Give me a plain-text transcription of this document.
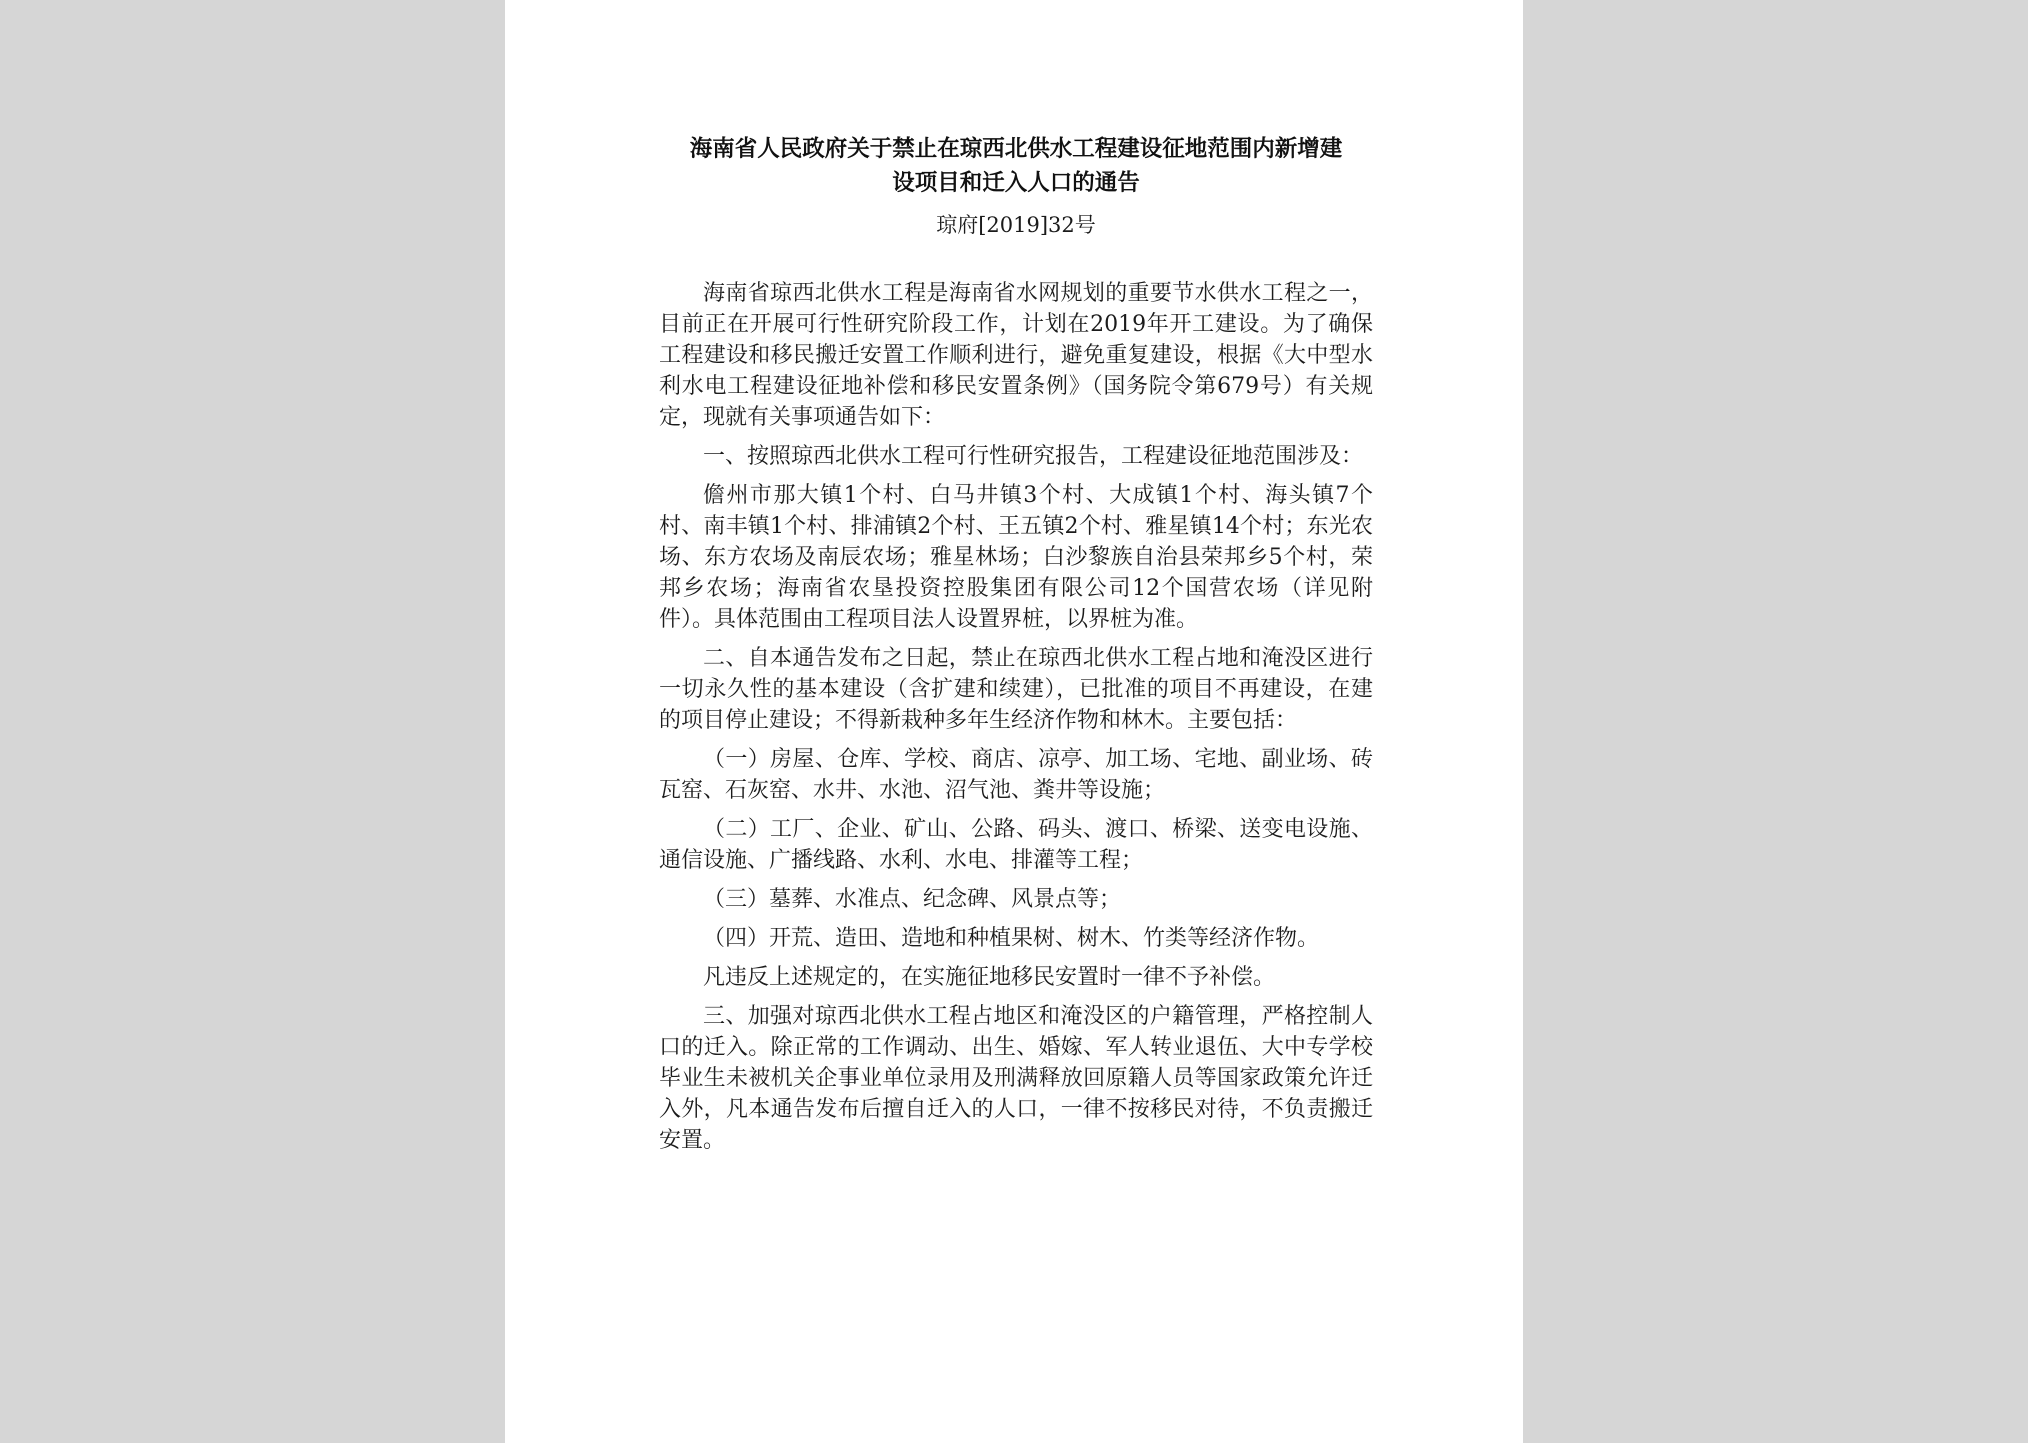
海南省人民政府关于禁止在琼西北供水工程建设征地范围内新增建
设项目和迁入人口的通告
琼府[2019]32号

海南省琼西北供水工程是海南省水网规划的重要节水供水工程之一，目前正在开展可行性研究阶段工作，计划在2019年开工建设。为了确保工程建设和移民搬迁安置工作顺利进行，避免重复建设，根据《大中型水利水电工程建设征地补偿和移民安置条例》（国务院令第679号）有关规定，现就有关事项通告如下：

一、按照琼西北供水工程可行性研究报告，工程建设征地范围涉及：

儋州市那大镇1个村、白马井镇3个村、大成镇1个村、海头镇7个村、南丰镇1个村、排浦镇2个村、王五镇2个村、雅星镇14个村；东光农场、东方农场及南辰农场；雅星林场；白沙黎族自治县荣邦乡5个村，荣邦乡农场；海南省农垦投资控股集团有限公司12个国营农场（详见附件）。具体范围由工程项目法人设置界桩，以界桩为准。

二、自本通告发布之日起，禁止在琼西北供水工程占地和淹没区进行一切永久性的基本建设（含扩建和续建），已批准的项目不再建设，在建的项目停止建设；不得新栽种多年生经济作物和林木。主要包括：

（一）房屋、仓库、学校、商店、凉亭、加工场、宅地、副业场、砖瓦窑、石灰窑、水井、水池、沼气池、粪井等设施；

（二）工厂、企业、矿山、公路、码头、渡口、桥梁、送变电设施、通信设施、广播线路、水利、水电、排灌等工程；

（三）墓葬、水准点、纪念碑、风景点等；

（四）开荒、造田、造地和种植果树、树木、竹类等经济作物。

凡违反上述规定的，在实施征地移民安置时一律不予补偿。

三、加强对琼西北供水工程占地区和淹没区的户籍管理，严格控制人口的迁入。除正常的工作调动、出生、婚嫁、军人转业退伍、大中专学校毕业生未被机关企事业单位录用及刑满释放回原籍人员等国家政策允许迁入外，凡本通告发布后擅自迁入的人口，一律不按移民对待，不负责搬迁安置。
